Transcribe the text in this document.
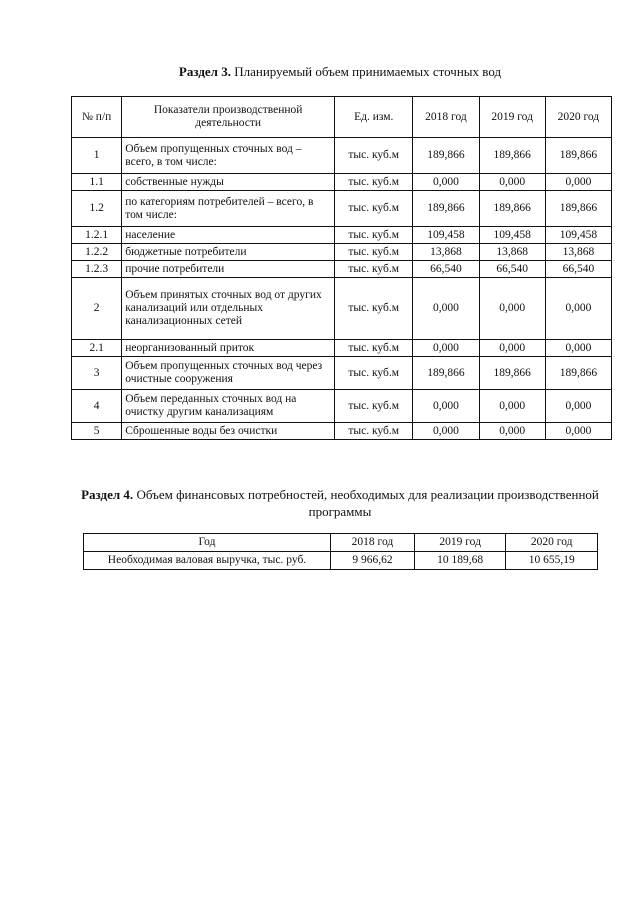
Раздел 3. Планируемый объем принимаемых сточных вод
№ п/п	Показатели производственной деятельности	Ед. изм.	2018 год	2019 год	2020 год
1	Объем пропущенных сточных вод – всего, в том числе:	тыс. куб.м	189,866	189,866	189,866
1.1	собственные нужды	тыс. куб.м	0,000	0,000	0,000
1.2	по категориям потребителей – всего, в том числе:	тыс. куб.м	189,866	189,866	189,866
1.2.1	население	тыс. куб.м	109,458	109,458	109,458
1.2.2	бюджетные потребители	тыс. куб.м	13,868	13,868	13,868
1.2.3	прочие потребители	тыс. куб.м	66,540	66,540	66,540
2	Объем принятых сточных вод от других канализаций или отдельных канализационных сетей	тыс. куб.м	0,000	0,000	0,000
2.1	неорганизованный приток	тыс. куб.м	0,000	0,000	0,000
3	Объем пропущенных сточных вод через очистные сооружения	тыс. куб.м	189,866	189,866	189,866
4	Объем переданных сточных вод на очистку другим канализациям	тыс. куб.м	0,000	0,000	0,000
5	Сброшенные воды без очистки	тыс. куб.м	0,000	0,000	0,000
Раздел 4. Объем финансовых потребностей, необходимых для реализации производственной программы
Год	2018 год	2019 год	2020 год
Необходимая валовая выручка, тыс. руб.	9 966,62	10 189,68	10 655,19
